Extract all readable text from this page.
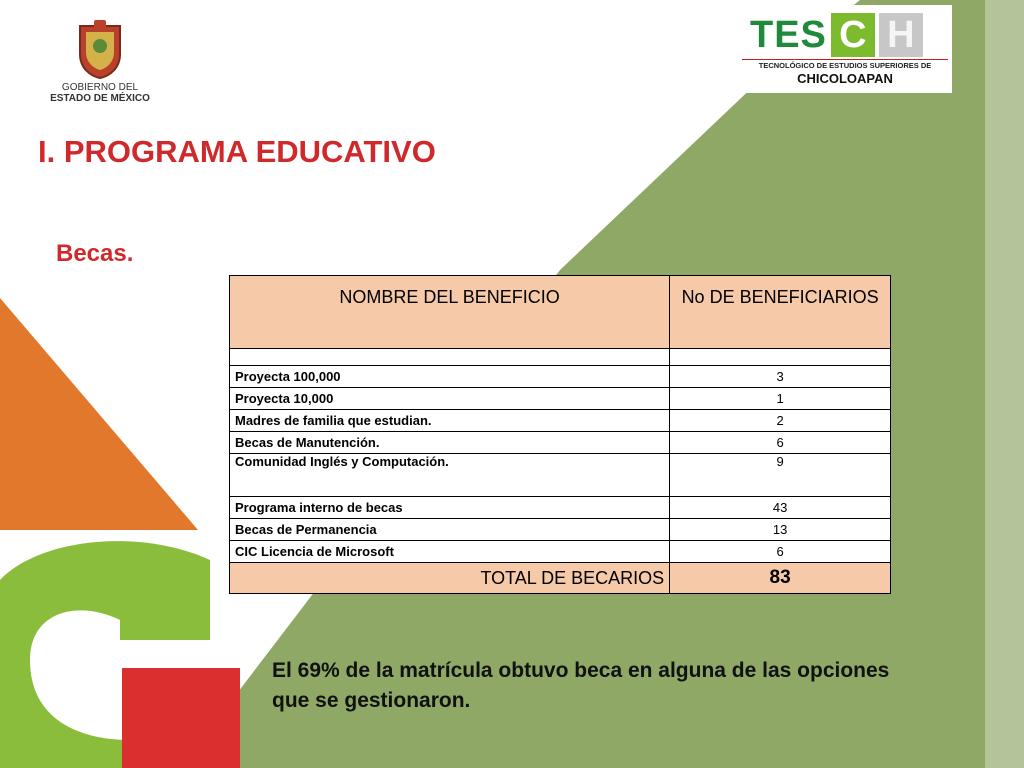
GOBIERNO DEL
ESTADO DE MÉXICO
TES C H
TECNOLÓGICO DE ESTUDIOS SUPERIORES DE
CHICOLOAPAN
I. PROGRAMA EDUCATIVO
Becas.
NOMBRE DEL BENEFICIO	No DE BENEFICIARIOS

Proyecta 100,000	3
Proyecta 10,000	1
Madres de familia que estudian.	2
Becas de Manutención.	6
Comunidad Inglés y Computación.	9
Programa interno de becas	43
Becas de Permanencia	13
CIC Licencia de Microsoft	6
TOTAL DE BECARIOS	83
El 69% de la matrícula obtuvo beca en alguna de las opciones que se gestionaron.
